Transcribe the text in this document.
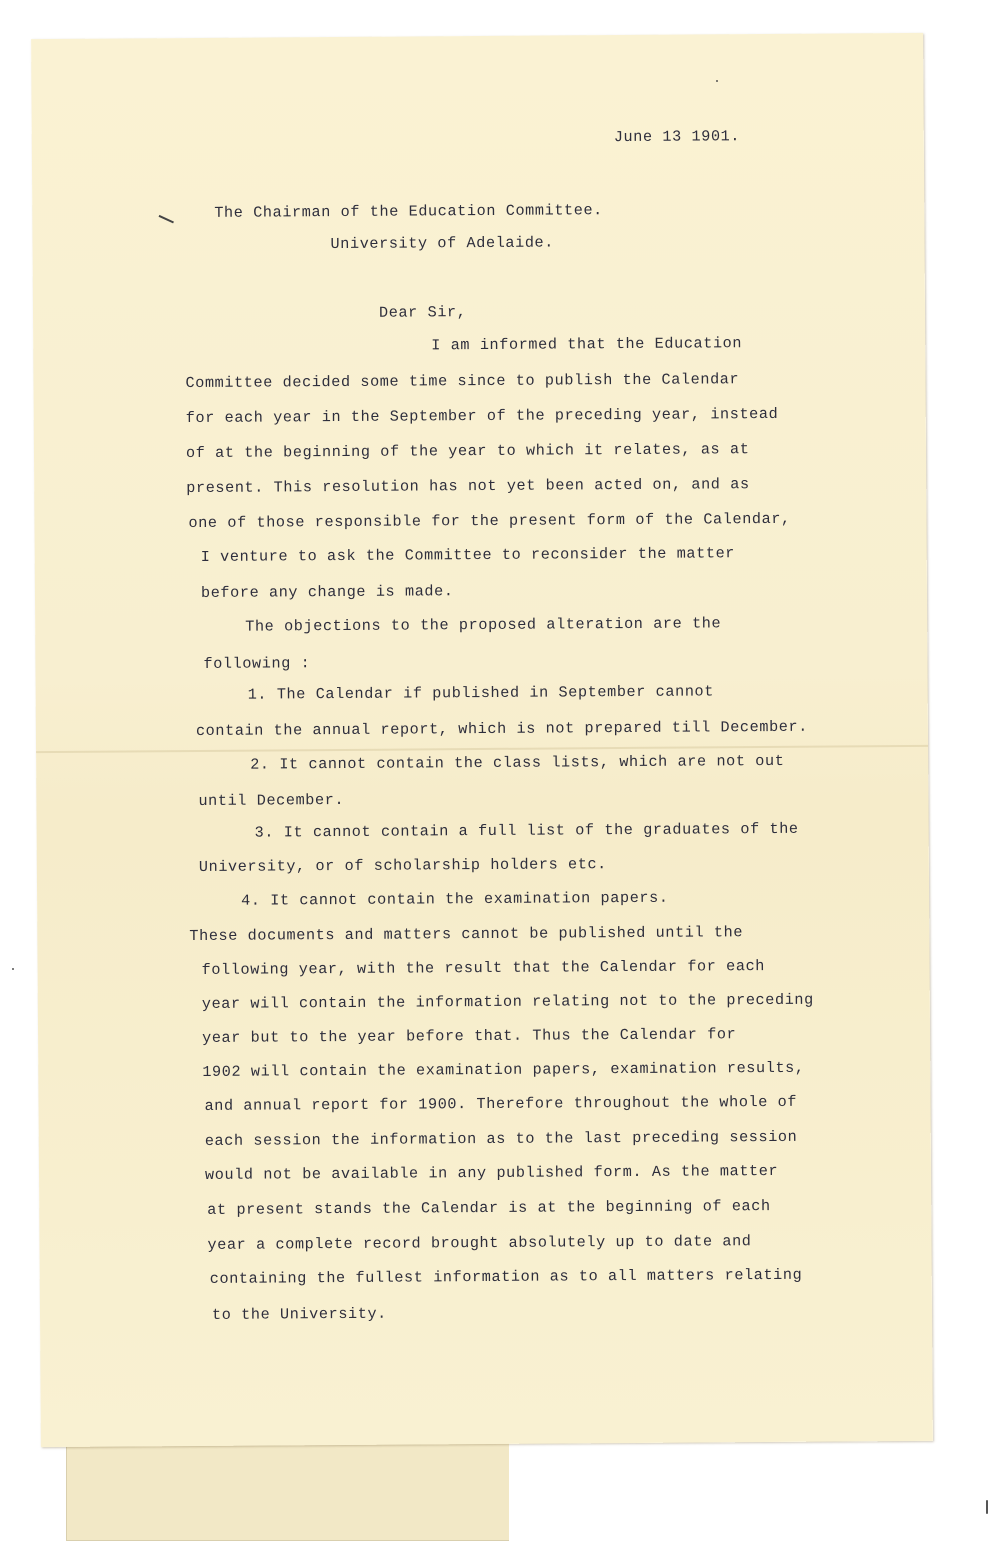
June 13 1901.
The Chairman of the Education Committee.
University of Adelaide.
Dear Sir,
I am informed that the Education
Committee decided some time since to publish the Calendar
for each year in the September of the preceding year, instead
of at the beginning of the year to which it relates, as at
present. This resolution has not yet been acted on, and as
one of those responsible for the present form of the Calendar,
I venture to ask the Committee to reconsider the matter
before any change is made.
The objections to the proposed alteration are the
following :
1. The Calendar if published in September cannot
contain the annual report, which is not prepared till December.
2. It cannot contain the class lists, which are not out
until December.
3. It cannot contain a full list of the graduates of the
University, or of scholarship holders etc.
4. It cannot contain the examination papers.
These documents and matters cannot be published until the
following year, with the result that the Calendar for each
year will contain the information relating not to the preceding
year but to the year before that. Thus the Calendar for
1902 will contain the examination papers, examination results,
and annual report for 1900. Therefore throughout the whole of
each session the information as to the last preceding session
would not be available in any published form. As the matter
at present stands the Calendar is at the beginning of each
year a complete record brought absolutely up to date and
containing the fullest information as to all matters relating
to the University.
